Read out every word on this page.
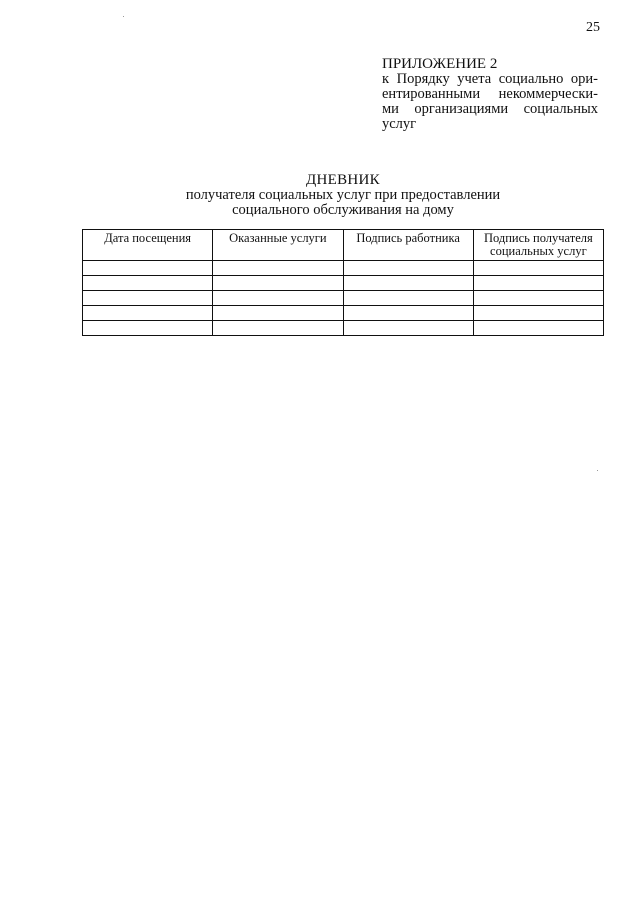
25
ПРИЛОЖЕНИЕ 2
к Порядку учета социально ори-
ентированными некоммерчески-
ми организациями социальных
услуг
ДНЕВНИК
получателя социальных услуг при предоставлении
социального обслуживания на дому
Дата посещения	Оказанные услуги	Подпись работника	Подпись получателя социальных услуг
